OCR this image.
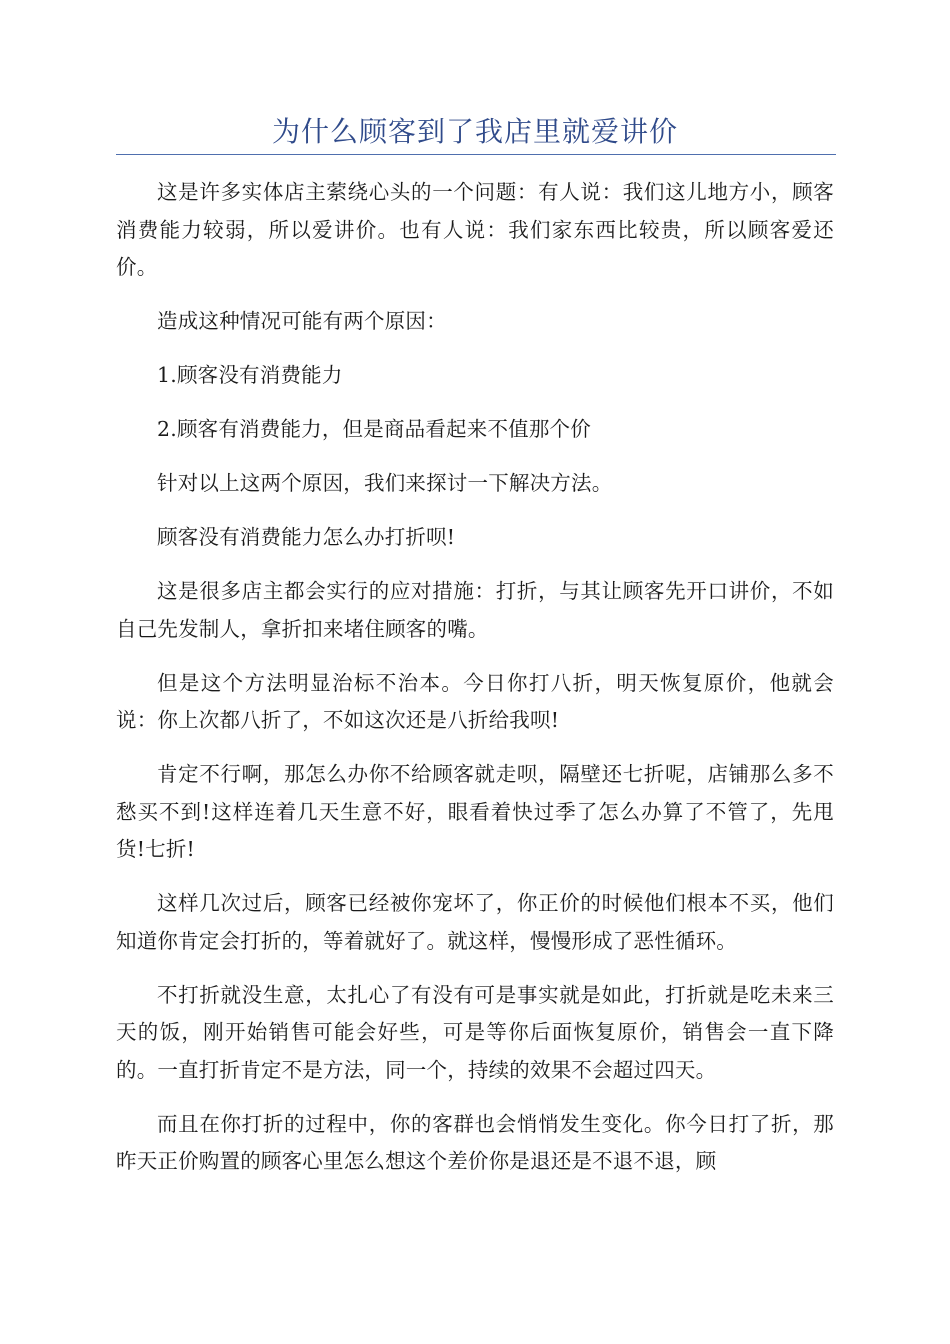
为什么顾客到了我店里就爱讲价

这是许多实体店主萦绕心头的一个问题：有人说：我们这儿地方小，顾客消费能力较弱，所以爱讲价。也有人说：我们家东西比较贵，所以顾客爱还价。

造成这种情况可能有两个原因：

1.顾客没有消费能力

2.顾客有消费能力，但是商品看起来不值那个价

针对以上这两个原因，我们来探讨一下解决方法。

顾客没有消费能力怎么办打折呗!

这是很多店主都会实行的应对措施：打折，与其让顾客先开口讲价，不如自己先发制人，拿折扣来堵住顾客的嘴。

但是这个方法明显治标不治本。今日你打八折，明天恢复原价，他就会说：你上次都八折了，不如这次还是八折给我呗!

肯定不行啊，那怎么办你不给顾客就走呗，隔壁还七折呢，店铺那么多不愁买不到!这样连着几天生意不好，眼看着快过季了怎么办算了不管了，先甩货!七折!

这样几次过后，顾客已经被你宠坏了，你正价的时候他们根本不买，他们知道你肯定会打折的，等着就好了。就这样，慢慢形成了恶性循环。

不打折就没生意，太扎心了有没有可是事实就是如此，打折就是吃未来三天的饭，刚开始销售可能会好些，可是等你后面恢复原价，销售会一直下降的。一直打折肯定不是方法，同一个，持续的效果不会超过四天。

而且在你打折的过程中，你的客群也会悄悄发生变化。你今日打了折，那昨天正价购置的顾客心里怎么想这个差价你是退还是不退不退，顾
